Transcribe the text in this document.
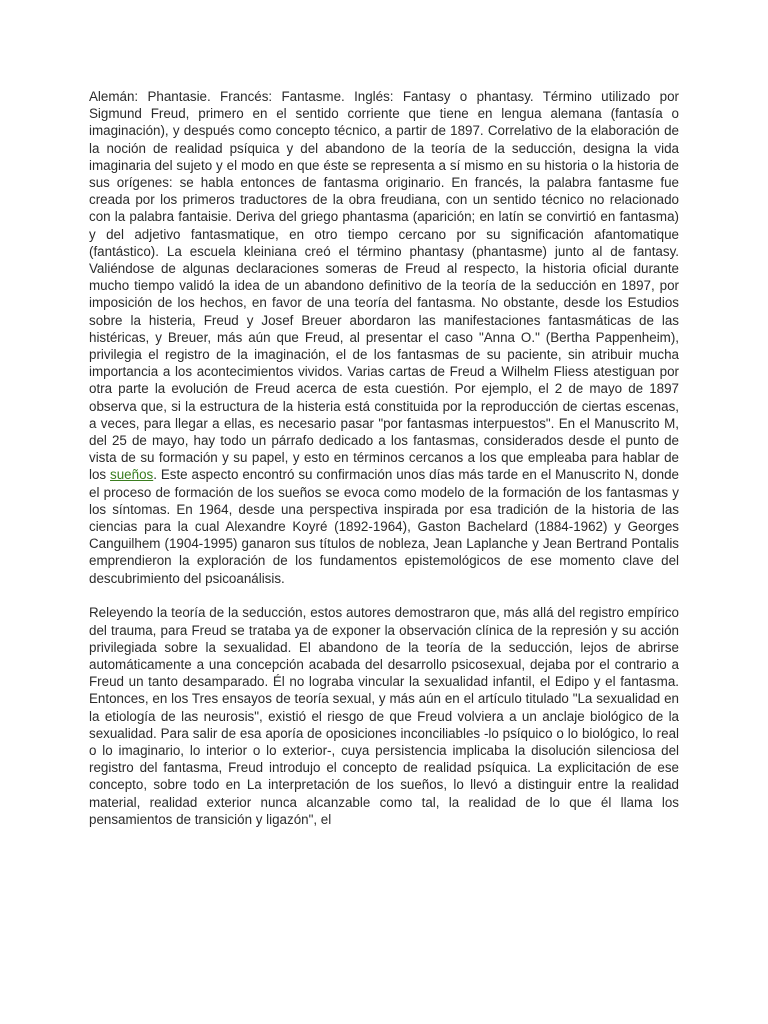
Alemán: Phantasie. Francés: Fantasme. Inglés: Fantasy o phantasy. Término utilizado por Sigmund Freud, primero en el sentido corriente que tiene en lengua alemana (fantasía o imaginación), y después como concepto técnico, a partir de 1897. Correlativo de la elaboración de la noción de realidad psíquica y del abandono de la teoría de la seducción, designa la vida imaginaria del sujeto y el modo en que éste se representa a sí mismo en su historia o la historia de sus orígenes: se habla entonces de fantasma originario. En francés, la palabra fantasme fue creada por los primeros traductores de la obra freudiana, con un sentido técnico no relacionado con la palabra fantaisie. Deriva del griego phantasma (aparición; en latín se convirtió en fantasma) y del adjetivo fantasmatique, en otro tiempo cercano por su significación afantomatique (fantástico). La escuela kleiniana creó el término phantasy (phantasme) junto al de fantasy. Valiéndose de algunas declaraciones someras de Freud al respecto, la historia oficial durante mucho tiempo validó la idea de un abandono definitivo de la teoría de la seducción en 1897, por imposición de los hechos, en favor de una teoría del fantasma. No obstante, desde los Estudios sobre la histeria, Freud y Josef Breuer abordaron las manifestaciones fantasmáticas de las histéricas, y Breuer, más aún que Freud, al presentar el caso "Anna O." (Bertha Pappenheim), privilegia el registro de la imaginación, el de los fantasmas de su paciente, sin atribuir mucha importancia a los acontecimientos vividos. Varias cartas de Freud a Wilhelm Fliess atestiguan por otra parte la evolución de Freud acerca de esta cuestión. Por ejemplo, el 2 de mayo de 1897 observa que, si la estructura de la histeria está constituida por la reproducción de ciertas escenas, a veces, para llegar a ellas, es necesario pasar "por fantasmas interpuestos". En el Manuscrito M, del 25 de mayo, hay todo un párrafo dedicado a los fantasmas, considerados desde el punto de vista de su formación y su papel, y esto en términos cercanos a los que empleaba para hablar de los sueños. Este aspecto encontró su confirmación unos días más tarde en el Manuscrito N, donde el proceso de formación de los sueños se evoca como modelo de la formación de los fantasmas y los síntomas. En 1964, desde una perspectiva inspirada por esa tradición de la historia de las ciencias para la cual Alexandre Koyré (1892-1964), Gaston Bachelard (1884-1962) y Georges Canguilhem (1904-1995) ganaron sus títulos de nobleza, Jean Laplanche y Jean Bertrand Pontalis emprendieron la exploración de los fundamentos epistemológicos de ese momento clave del descubrimiento del psicoanálisis.

Releyendo la teoría de la seducción, estos autores demostraron que, más allá del registro empírico del trauma, para Freud se trataba ya de exponer la observación clínica de la represión y su acción privilegiada sobre la sexualidad. El abandono de la teoría de la seducción, lejos de abrirse automáticamente a una concepción acabada del desarrollo psicosexual, dejaba por el contrario a Freud un tanto desamparado. Él no lograba vincular la sexualidad infantil, el Edipo y el fantasma. Entonces, en los Tres ensayos de teoría sexual, y más aún en el artículo titulado "La sexualidad en la etiología de las neurosis", existió el riesgo de que Freud volviera a un anclaje biológico de la sexualidad. Para salir de esa aporía de oposiciones inconciliables -lo psíquico o lo biológico, lo real o lo imaginario, lo interior o lo exterior-, cuya persistencia implicaba la disolución silenciosa del registro del fantasma, Freud introdujo el concepto de realidad psíquica. La explicitación de ese concepto, sobre todo en La interpretación de los sueños, lo llevó a distinguir entre la realidad material, realidad exterior nunca alcanzable como tal, la realidad de lo que él llama los pensamientos de transición y ligazón", el
